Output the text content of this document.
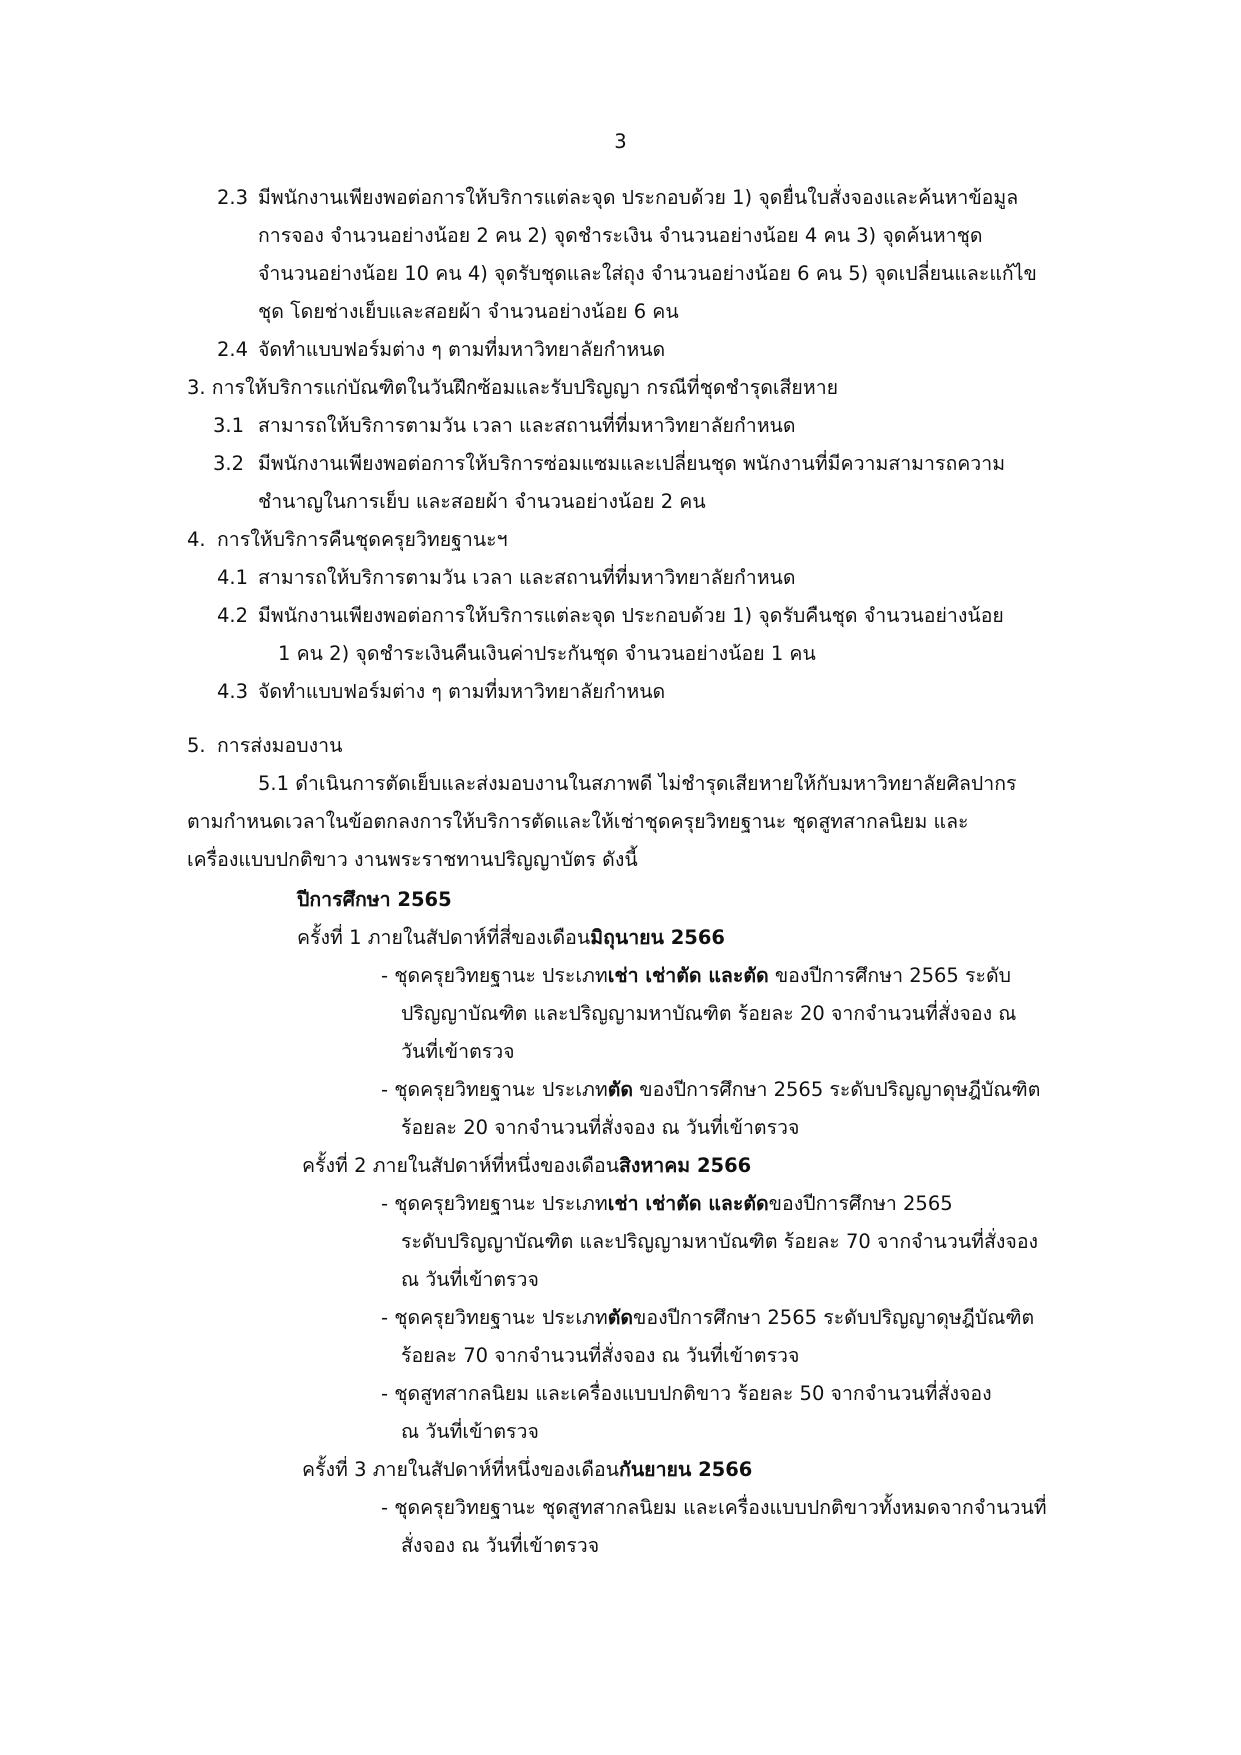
3
2.3 มีพนักงานเพียงพอต่อการให้บริการแต่ละจุด ประกอบด้วย 1) จุดยื่นใบสั่งจองและค้นหาข้อมูล
การจอง จำนวนอย่างน้อย 2 คน 2) จุดชำระเงิน จำนวนอย่างน้อย 4 คน 3) จุดค้นหาชุด
จำนวนอย่างน้อย 10 คน 4) จุดรับชุดและใส่ถุง จำนวนอย่างน้อย 6 คน 5) จุดเปลี่ยนและแก้ไข
ชุด โดยช่างเย็บและสอยผ้า จำนวนอย่างน้อย 6 คน
2.4 จัดทำแบบฟอร์มต่าง ๆ ตามที่มหาวิทยาลัยกำหนด
3. การให้บริการแก่บัณฑิตในวันฝึกซ้อมและรับปริญญา กรณีที่ชุดชำรุดเสียหาย
3.1 สามารถให้บริการตามวัน เวลา และสถานที่ที่มหาวิทยาลัยกำหนด
3.2 มีพนักงานเพียงพอต่อการให้บริการซ่อมแซมและเปลี่ยนชุด พนักงานที่มีความสามารถความ
ชำนาญในการเย็บ และสอยผ้า จำนวนอย่างน้อย 2 คน
4. การให้บริการคืนชุดครุยวิทยฐานะฯ
4.1 สามารถให้บริการตามวัน เวลา และสถานที่ที่มหาวิทยาลัยกำหนด
4.2 มีพนักงานเพียงพอต่อการให้บริการแต่ละจุด ประกอบด้วย 1) จุดรับคืนชุด จำนวนอย่างน้อย
1 คน 2) จุดชำระเงินคืนเงินค่าประกันชุด จำนวนอย่างน้อย 1 คน
4.3 จัดทำแบบฟอร์มต่าง ๆ ตามที่มหาวิทยาลัยกำหนด
5. การส่งมอบงาน
5.1 ดำเนินการตัดเย็บและส่งมอบงานในสภาพดี ไม่ชำรุดเสียหายให้กับมหาวิทยาลัยศิลปากร
ตามกำหนดเวลาในข้อตกลงการให้บริการตัดและให้เช่าชุดครุยวิทยฐานะ ชุดสูทสากลนิยม และ
เครื่องแบบปกติขาว งานพระราชทานปริญญาบัตร ดังนี้
ปีการศึกษา 2565
ครั้งที่ 1 ภายในสัปดาห์ที่สี่ของเดือนมิถุนายน 2566
- ชุดครุยวิทยฐานะ ประเภทเช่า เช่าตัด และตัด ของปีการศึกษา 2565 ระดับ
ปริญญาบัณฑิต และปริญญามหาบัณฑิต ร้อยละ 20 จากจำนวนที่สั่งจอง ณ
วันที่เข้าตรวจ
- ชุดครุยวิทยฐานะ ประเภทตัด ของปีการศึกษา 2565 ระดับปริญญาดุษฎีบัณฑิต
ร้อยละ 20 จากจำนวนที่สั่งจอง ณ วันที่เข้าตรวจ
ครั้งที่ 2 ภายในสัปดาห์ที่หนึ่งของเดือนสิงหาคม 2566
- ชุดครุยวิทยฐานะ ประเภทเช่า เช่าตัด และตัดของปีการศึกษา 2565
ระดับปริญญาบัณฑิต และปริญญามหาบัณฑิต ร้อยละ 70 จากจำนวนที่สั่งจอง
ณ วันที่เข้าตรวจ
- ชุดครุยวิทยฐานะ ประเภทตัดของปีการศึกษา 2565 ระดับปริญญาดุษฎีบัณฑิต
ร้อยละ 70 จากจำนวนที่สั่งจอง ณ วันที่เข้าตรวจ
- ชุดสูทสากลนิยม และเครื่องแบบปกติขาว ร้อยละ 50 จากจำนวนที่สั่งจอง
ณ วันที่เข้าตรวจ
ครั้งที่ 3 ภายในสัปดาห์ที่หนึ่งของเดือนกันยายน 2566
- ชุดครุยวิทยฐานะ ชุดสูทสากลนิยม และเครื่องแบบปกติขาวทั้งหมดจากจำนวนที่
สั่งจอง ณ วันที่เข้าตรวจ
